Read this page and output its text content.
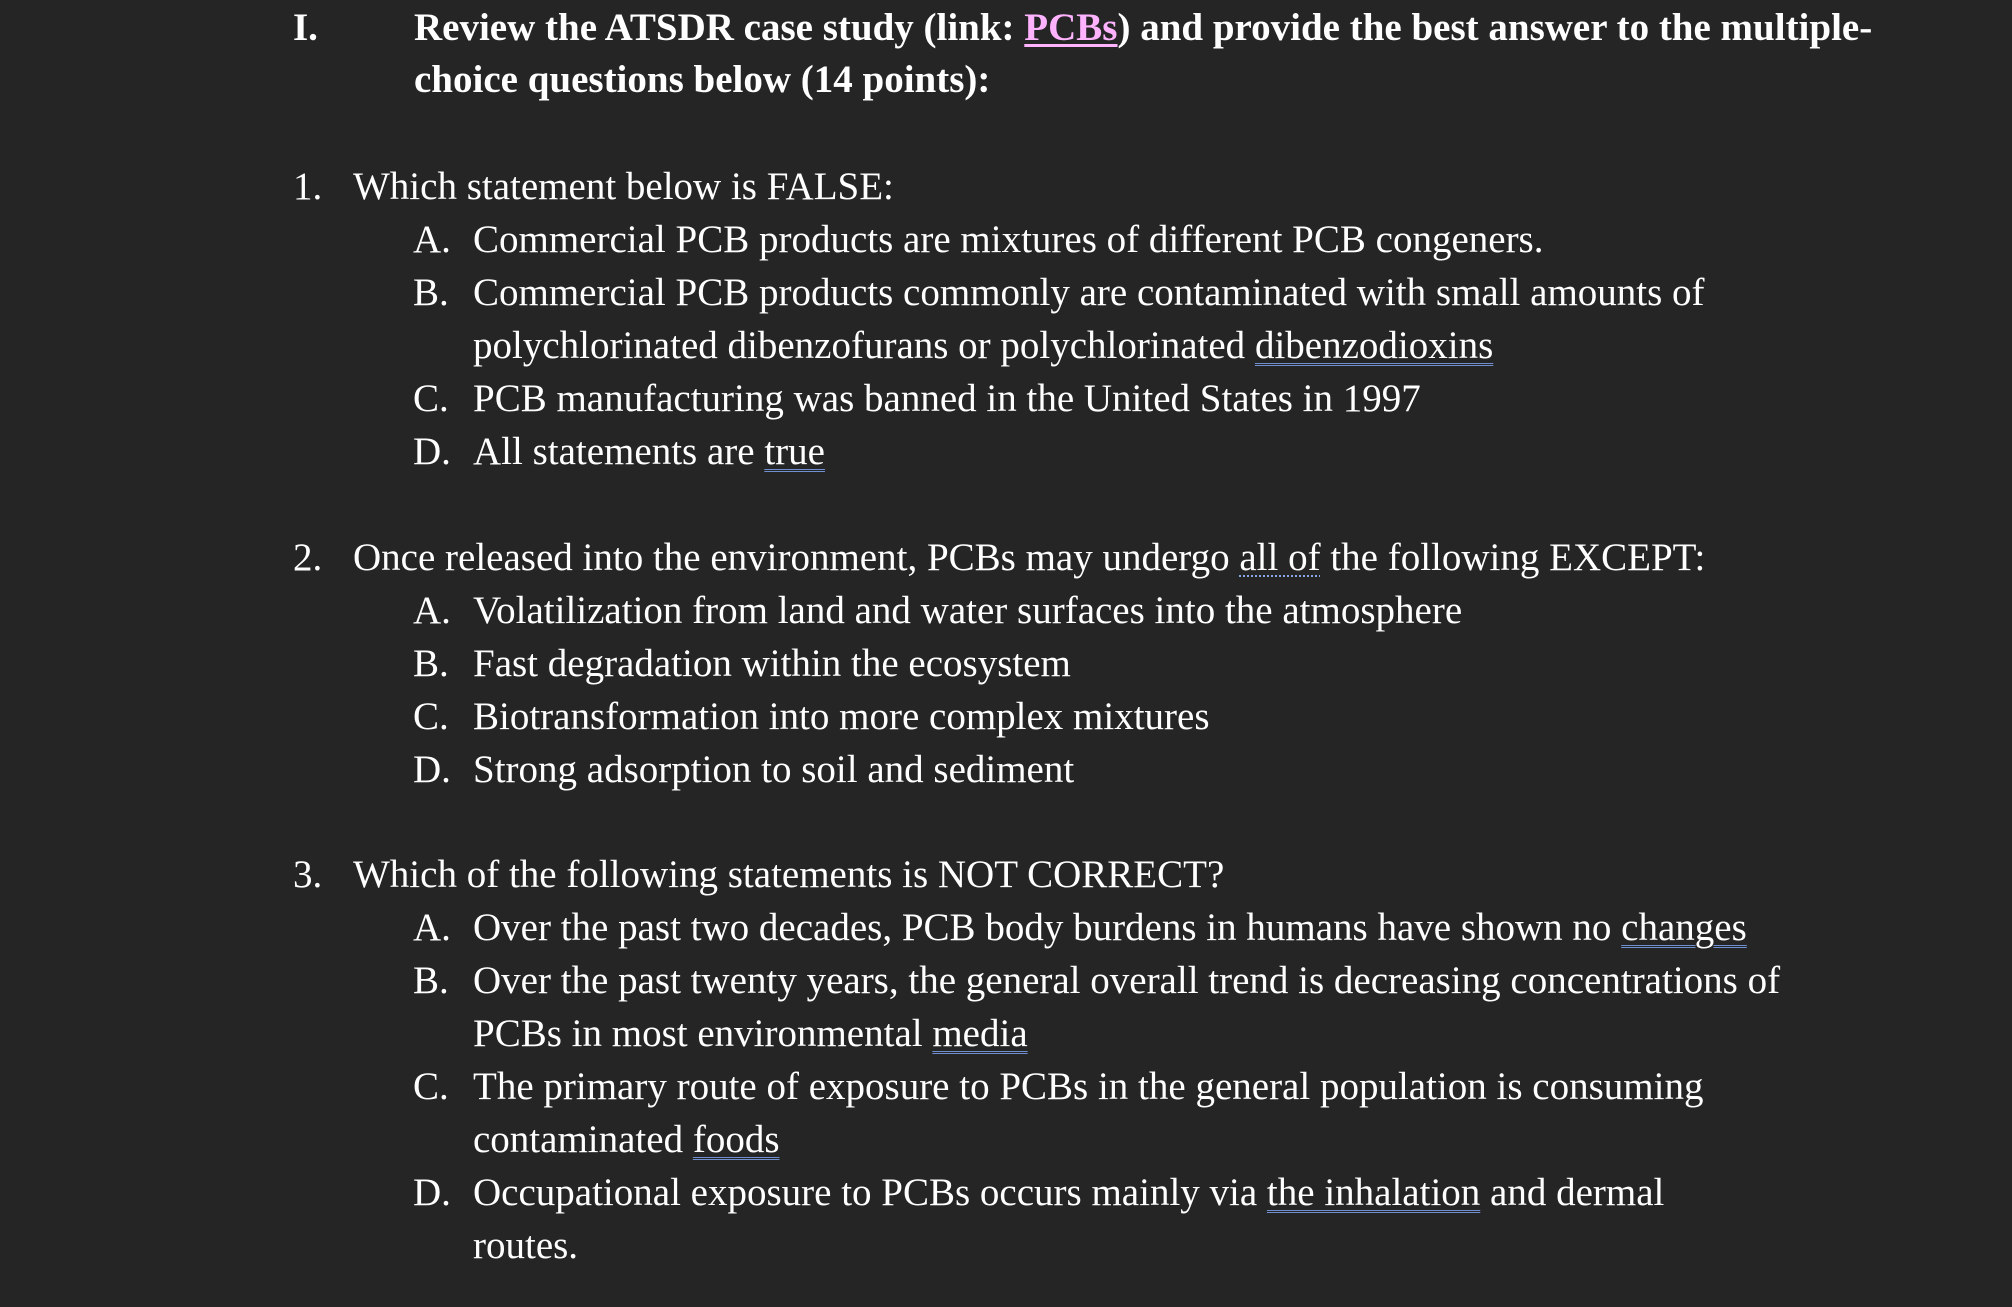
I. Review the ATSDR case study (link: PCBs) and provide the best answer to the multiple-choice questions below (14 points):
1. Which statement below is FALSE:
A. Commercial PCB products are mixtures of different PCB congeners.
B. Commercial PCB products commonly are contaminated with small amounts of polychlorinated dibenzofurans or polychlorinated dibenzodioxins
C. PCB manufacturing was banned in the United States in 1997
D. All statements are true
2. Once released into the environment, PCBs may undergo all of the following EXCEPT:
A. Volatilization from land and water surfaces into the atmosphere
B. Fast degradation within the ecosystem
C. Biotransformation into more complex mixtures
D. Strong adsorption to soil and sediment
3. Which of the following statements is NOT CORRECT?
A. Over the past two decades, PCB body burdens in humans have shown no changes
B. Over the past twenty years, the general overall trend is decreasing concentrations of PCBs in most environmental media
C. The primary route of exposure to PCBs in the general population is consuming contaminated foods
D. Occupational exposure to PCBs occurs mainly via the inhalation and dermal routes.
